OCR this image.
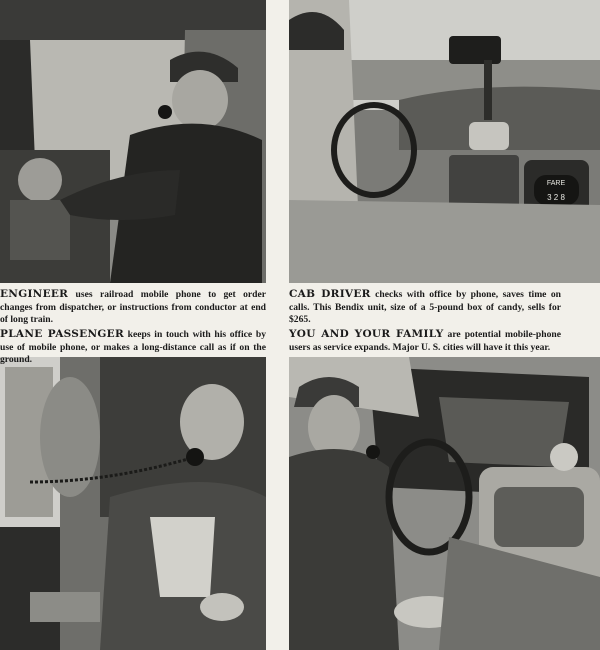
FARE
3 2 8
ENGINEER uses railroad mobile phone to get order changes from dispatcher, or instructions from conductor at end of long train.
CAB DRIVER checks with office by phone, saves time on calls. This Bendix unit, size of a 5-pound box of candy, sells for $265.
PLANE PASSENGER keeps in touch with his office by use of mobile phone, or makes a long-distance call as if on the ground.
YOU AND YOUR FAMILY are potential mobile-phone users as service expands. Major U. S. cities will have it this year.
